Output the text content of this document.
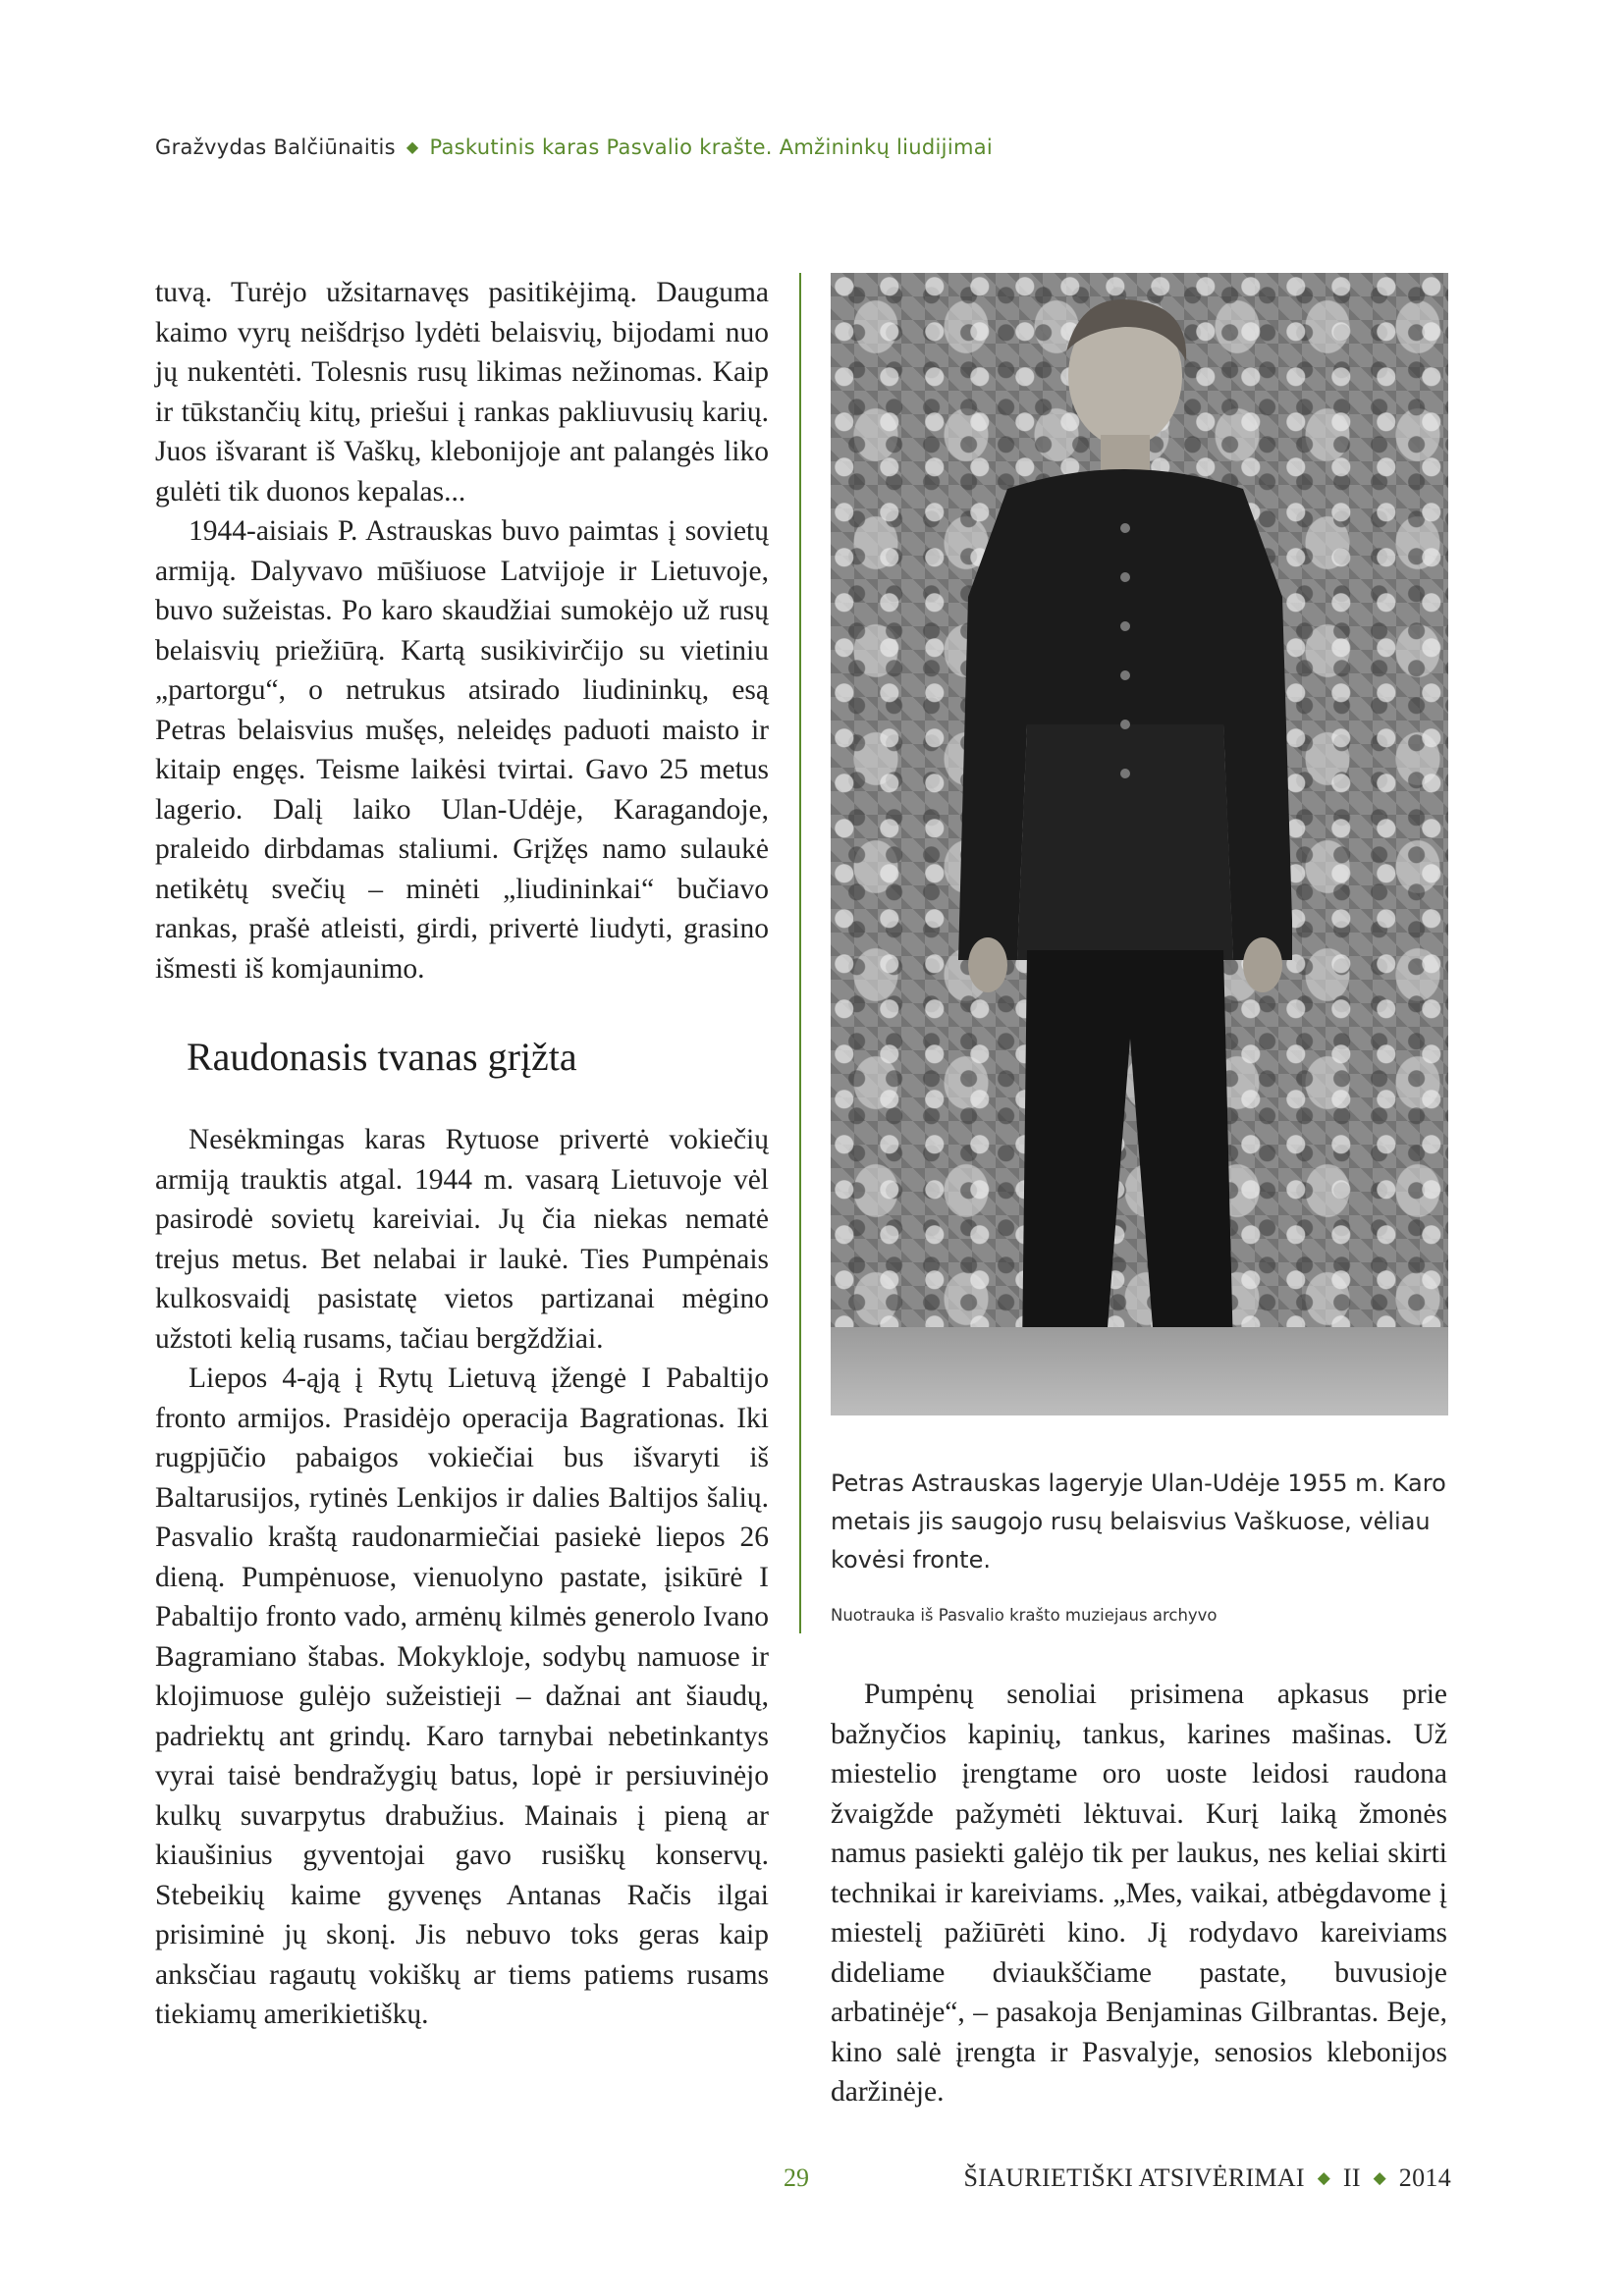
Gražvydas Balčiūnaitis ◆ Paskutinis karas Pasvalio krašte. Amžininkų liudijimai

tuvą. Turėjo užsitarnavęs pasitikėjimą. Dauguma kaimo vyrų neišdrįso lydėti belaisvių, bijodami nuo jų nukentėti. Tolesnis rusų likimas nežinomas. Kaip ir tūkstančių kitų, priešui į rankas pakliuvusių karių. Juos išvarant iš Vaškų, klebonijoje ant palangės liko gulėti tik duonos kepalas...

1944-aisiais P. Astrauskas buvo paimtas į sovietų armiją. Dalyvavo mūšiuose Latvijoje ir Lietuvoje, buvo sužeistas. Po karo skaudžiai sumokėjo už rusų belaisvių priežiūrą. Kartą susikivirčijo su vietiniu „partorgu“, o netrukus atsirado liudininkų, esą Petras belaisvius mušęs, neleidęs paduoti maisto ir kitaip engęs. Teisme laikėsi tvirtai. Gavo 25 metus lagerio. Dalį laiko Ulan-Udėje, Karagandoje, praleido dirbdamas staliumi. Grįžęs namo sulaukė netikėtų svečių – minėti „liudininkai“ bučiavo rankas, prašė atleisti, girdi, privertė liudyti, grasino išmesti iš komjaunimo.

Raudonasis tvanas grįžta

Nesėkmingas karas Rytuose privertė vokiečių armiją trauktis atgal. 1944 m. vasarą Lietuvoje vėl pasirodė sovietų kareiviai. Jų čia niekas nematė trejus metus. Bet nelabai ir laukė. Ties Pumpėnais kulkosvaidį pasistatę vietos partizanai mėgino užstoti kelią rusams, tačiau bergždžiai.

Liepos 4-ąją į Rytų Lietuvą įžengė I Pabaltijo fronto armijos. Prasidėjo operacija Bagrationas. Iki rugpjūčio pabaigos vokiečiai bus išvaryti iš Baltarusijos, rytinės Lenkijos ir dalies Baltijos šalių. Pasvalio kraštą raudonarmiečiai pasiekė liepos 26 dieną. Pumpėnuose, vienuolyno pastate, įsikūrė I Pabaltijo fronto vado, armėnų kilmės generolo Ivano Bagramiano štabas. Mokykloje, sodybų namuose ir klojimuose gulėjo sužeistieji – dažnai ant šiaudų, padriektų ant grindų. Karo tarnybai nebetinkantys vyrai taisė bendražygių batus, lopė ir persiuvinėjo kulkų suvarpytus drabužius. Mainais į pieną ar kiaušinius gyventojai gavo rusiškų konservų. Stebeikių kaime gyvenęs Antanas Račis ilgai prisiminė jų skonį. Jis nebuvo toks geras kaip anksčiau ragautų vokiškų ar tiems patiems rusams tiekiamų amerikietiškų.

Petras Astrauskas lageryje Ulan-Udėje 1955 m. Karo metais jis saugojo rusų belaisvius Vaškuose, vėliau kovėsi fronte.
Nuotrauka iš Pasvalio krašto muziejaus archyvo

Pumpėnų senoliai prisimena apkasus prie bažnyčios kapinių, tankus, karines mašinas. Už miestelio įrengtame oro uoste leidosi raudona žvaigžde pažymėti lėktuvai. Kurį laiką žmonės namus pasiekti galėjo tik per laukus, nes keliai skirti technikai ir kareiviams. „Mes, vaikai, atbėgdavome į miestelį pažiūrėti kino. Jį rodydavo kareiviams dideliame dviaukščiame pastate, buvusioje arbatinėje“, – pasakoja Benjaminas Gilbrantas. Beje, kino salė įrengta ir Pasvalyje, senosios klebonijos daržinėje.

29	ŠIAURIETIŠKI ATSIVĖRIMAI ◆ II ◆ 2014
